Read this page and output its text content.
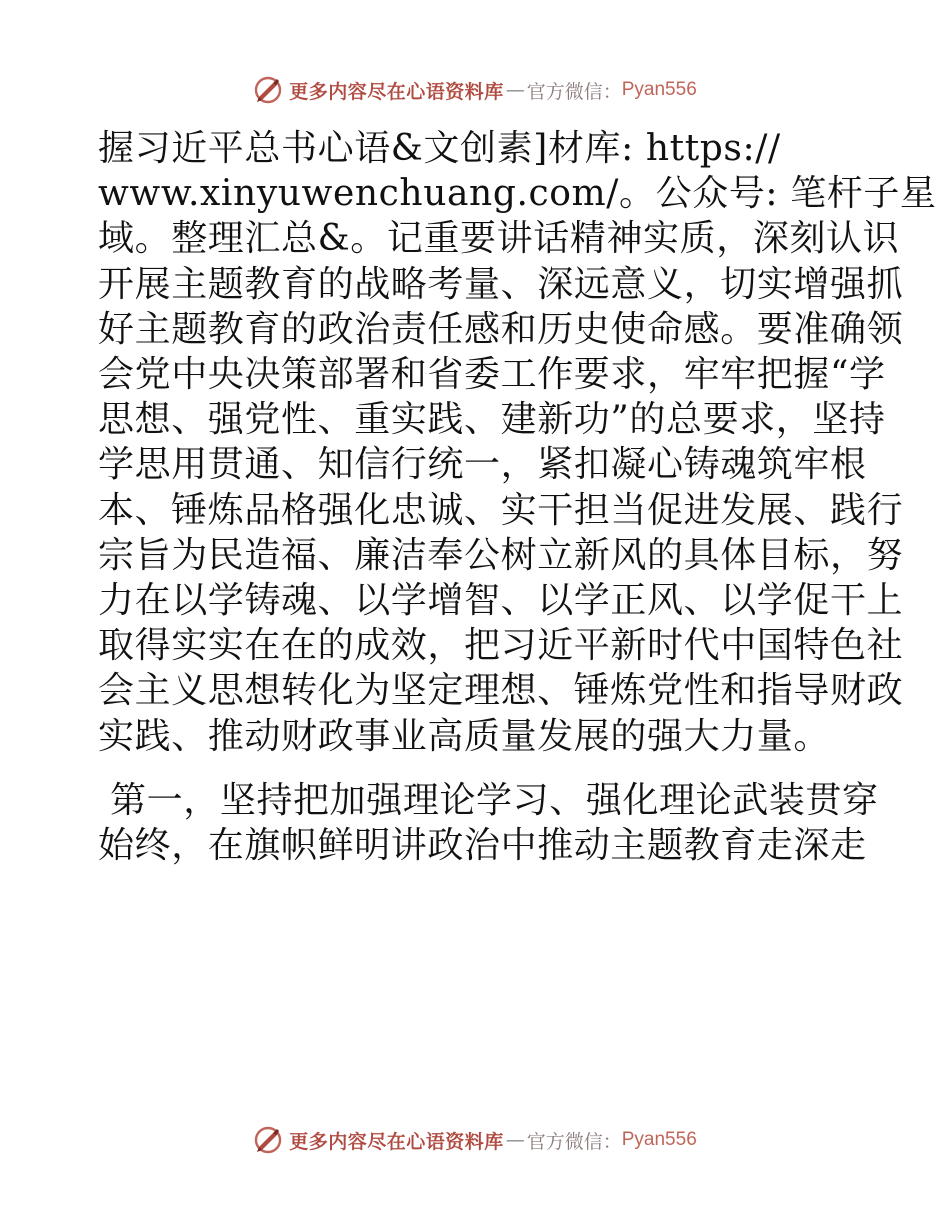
更多内容尽在心语资料库 — 官方微信： Pyan556

握习近平总书心语&文创素]材库: https://
www.xinyuwenchuang.com/。公众号: 笔杆子星
域。整理汇总&。记重要讲话精神实质，深刻认识
开展主题教育的战略考量、深远意义，切实增强抓
好主题教育的政治责任感和历史使命感。要准确领
会党中央决策部署和省委工作要求，牢牢把握“学
思想、强党性、重实践、建新功”的总要求，坚持
学思用贯通、知信行统一，紧扣凝心铸魂筑牢根
本、锤炼品格强化忠诚、实干担当促进发展、践行
宗旨为民造福、廉洁奉公树立新风的具体目标，努
力在以学铸魂、以学增智、以学正风、以学促干上
取得实实在在的成效，把习近平新时代中国特色社
会主义思想转化为坚定理想、锤炼党性和指导财政
实践、推动财政事业高质量发展的强大力量。

第一，坚持把加强理论学习、强化理论武装贯穿
始终，在旗帜鲜明讲政治中推动主题教育走深走

更多内容尽在心语资料库 — 官方微信： Pyan556
